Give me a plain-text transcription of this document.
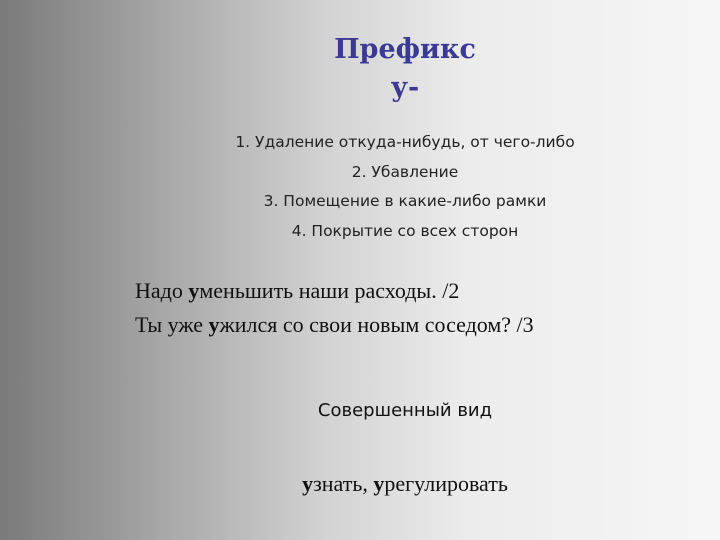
Префикс
у-
1. Удаление откуда-нибудь, от чего-либо
2. Убавление
3. Помещение в какие-либо рамки
4. Покрытие со всех сторон
Надо уменьшить наши расходы. /2
Ты уже ужился со свои новым соседом? /3
Совершенный вид
узнать, урегулировать
